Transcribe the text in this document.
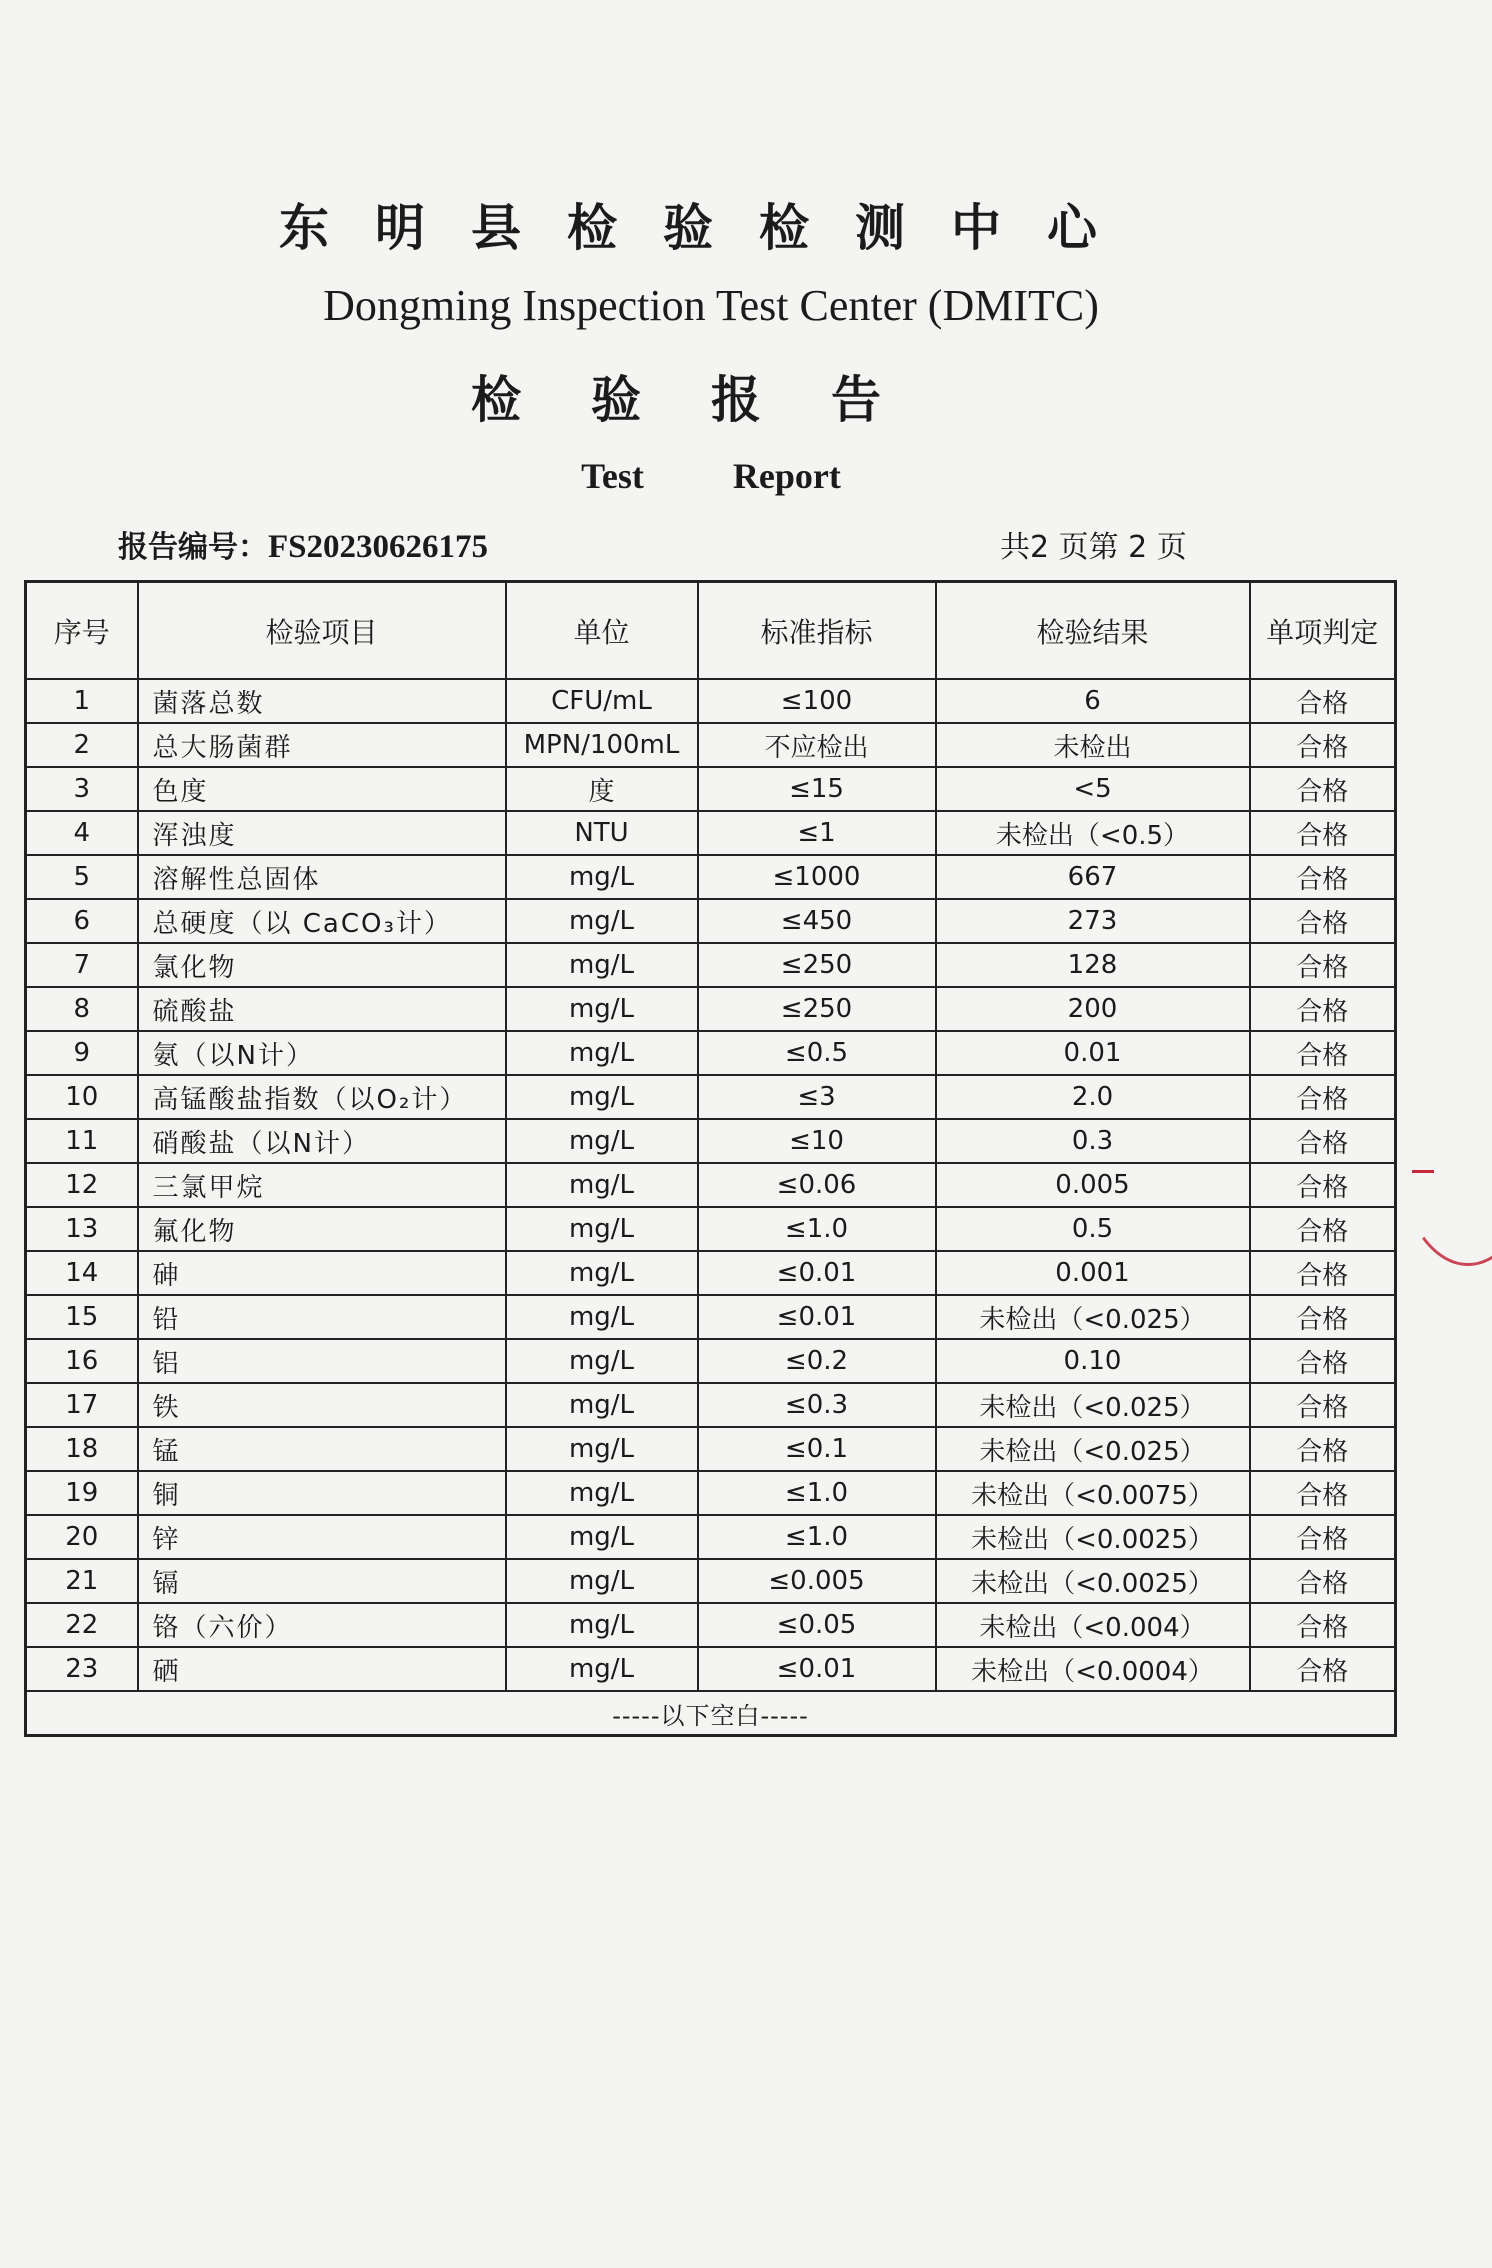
东明县检验检测中心
Dongming Inspection Test Center (DMITC)
检验报告
Test Report
报告编号：FS20230626175	共2 页第 2 页
序号	检验项目	单位	标准指标	检验结果	单项判定
1	菌落总数	CFU/mL	≤100	6	合格
2	总大肠菌群	MPN/100mL	不应检出	未检出	合格
3	色度	度	≤15	<5	合格
4	浑浊度	NTU	≤1	未检出（<0.5）	合格
5	溶解性总固体	mg/L	≤1000	667	合格
6	总硬度（以 CaCO₃计）	mg/L	≤450	273	合格
7	氯化物	mg/L	≤250	128	合格
8	硫酸盐	mg/L	≤250	200	合格
9	氨（以N计）	mg/L	≤0.5	0.01	合格
10	高锰酸盐指数（以O₂计）	mg/L	≤3	2.0	合格
11	硝酸盐（以N计）	mg/L	≤10	0.3	合格
12	三氯甲烷	mg/L	≤0.06	0.005	合格
13	氟化物	mg/L	≤1.0	0.5	合格
14	砷	mg/L	≤0.01	0.001	合格
15	铅	mg/L	≤0.01	未检出（<0.025）	合格
16	铝	mg/L	≤0.2	0.10	合格
17	铁	mg/L	≤0.3	未检出（<0.025）	合格
18	锰	mg/L	≤0.1	未检出（<0.025）	合格
19	铜	mg/L	≤1.0	未检出（<0.0075）	合格
20	锌	mg/L	≤1.0	未检出（<0.0025）	合格
21	镉	mg/L	≤0.005	未检出（<0.0025）	合格
22	铬（六价）	mg/L	≤0.05	未检出（<0.004）	合格
23	硒	mg/L	≤0.01	未检出（<0.0004）	合格
-----以下空白-----					
